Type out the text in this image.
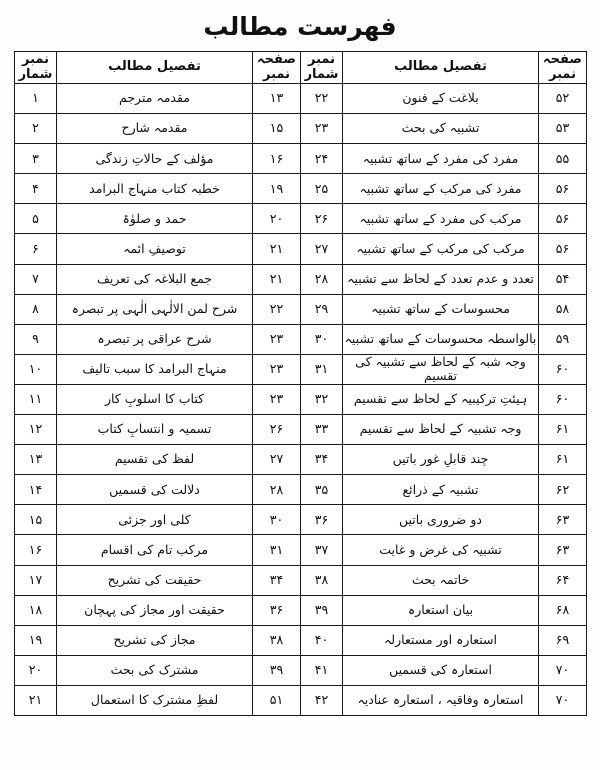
فهرست مطالب
صفحہ نمبر	تفصیل مطالب	نمبر شمار	صفحہ نمبر	تفصیل مطالب	نمبر شمار
۵۲	بلاغت کے فنون	۲۲	۱۳	مقدمہ مترجم	۱
۵۳	تشبیہ کی بحث	۲۳	۱۵	مقدمہ شارح	۲
۵۵	مفرد کی مفرد کے ساتھ تشبیہ	۲۴	۱۶	مؤلف کے حالاتِ زندگی	۳
۵۶	مفرد کی مرکب کے ساتھ تشبیہ	۲۵	۱۹	خطبہ کتاب منہاج البرامد	۴
۵۶	مرکب کی مفرد کے ساتھ تشبیہ	۲۶	۲۰	حمد و صلوٰۃ	۵
۵۶	مرکب کی مرکب کے ساتھ تشبیہ	۲۷	۲۱	توصیفِ ائمہ	۶
۵۴	تعدد و عدم تعدد کے لحاظ سے تشبیہ	۲۸	۲۱	جمع البلاغہ کی تعریف	۷
۵۸	محسوسات کے ساتھ تشبیہ	۲۹	۲۲	شرح لمن الالٰہی الٰہی پر تبصرہ	۸
۵۹	بالواسطہ محسوسات کے ساتھ تشبیہ	۳۰	۲۳	شرح عراقی پر تبصرہ	۹
۶۰	وجہ شبہ کے لحاظ سے تشبیہ کی تقسیم	۳۱	۲۳	منہاج البرامد کا سبب تالیف	۱۰
۶۰	ہیئتِ ترکیبیہ کے لحاظ سے تقسیم	۳۲	۲۳	کتاب کا اسلوبِ کار	۱۱
۶۱	وجہ تشبیہ کے لحاظ سے تقسیم	۳۳	۲۶	تسمیہ و انتسابِ کتاب	۱۲
۶۱	چند قابلِ غور باتیں	۳۴	۲۷	لفظ کی تقسیم	۱۳
۶۲	تشبیہ کے ذرائع	۳۵	۲۸	دلالت کی قسمیں	۱۴
۶۳	دو ضروری باتیں	۳۶	۳۰	کلی اور جزئی	۱۵
۶۳	تشبیہ کی غرض و غایت	۳۷	۳۱	مرکب تام کی اقسام	۱۶
۶۴	خاتمہ بحث	۳۸	۳۴	حقیقت کی تشریح	۱۷
۶۸	بیان استعارہ	۳۹	۳۶	حقیقت اور مجاز کی پہچان	۱۸
۶۹	استعارہ اور مستعارلہ	۴۰	۳۸	مجاز کی تشریح	۱۹
۷۰	استعارہ کی قسمیں	۴۱	۳۹	مشترک کی بحث	۲۰
۷۰	استعارہ وفاقیہ ، استعارہ عنادیہ	۴۲	۵۱	لفظِ مشترک کا استعمال	۲۱
